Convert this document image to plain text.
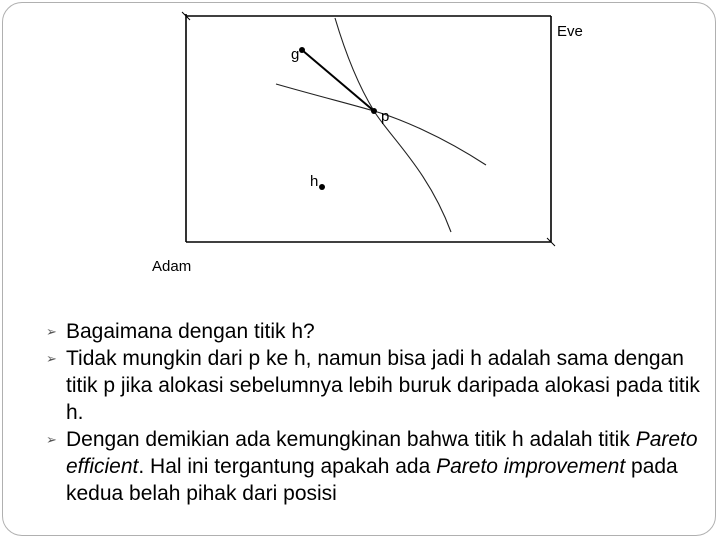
Eve
Adam
g
p
h
➢ Bagaimana dengan titik h?
➢ Tidak mungkin dari p ke h, namun bisa jadi h adalah sama dengan titik p jika alokasi sebelumnya lebih buruk daripada alokasi pada titik h.
➢ Dengan demikian ada kemungkinan bahwa titik h adalah titik Pareto efficient. Hal ini tergantung apakah ada Pareto improvement pada kedua belah pihak dari posisi
